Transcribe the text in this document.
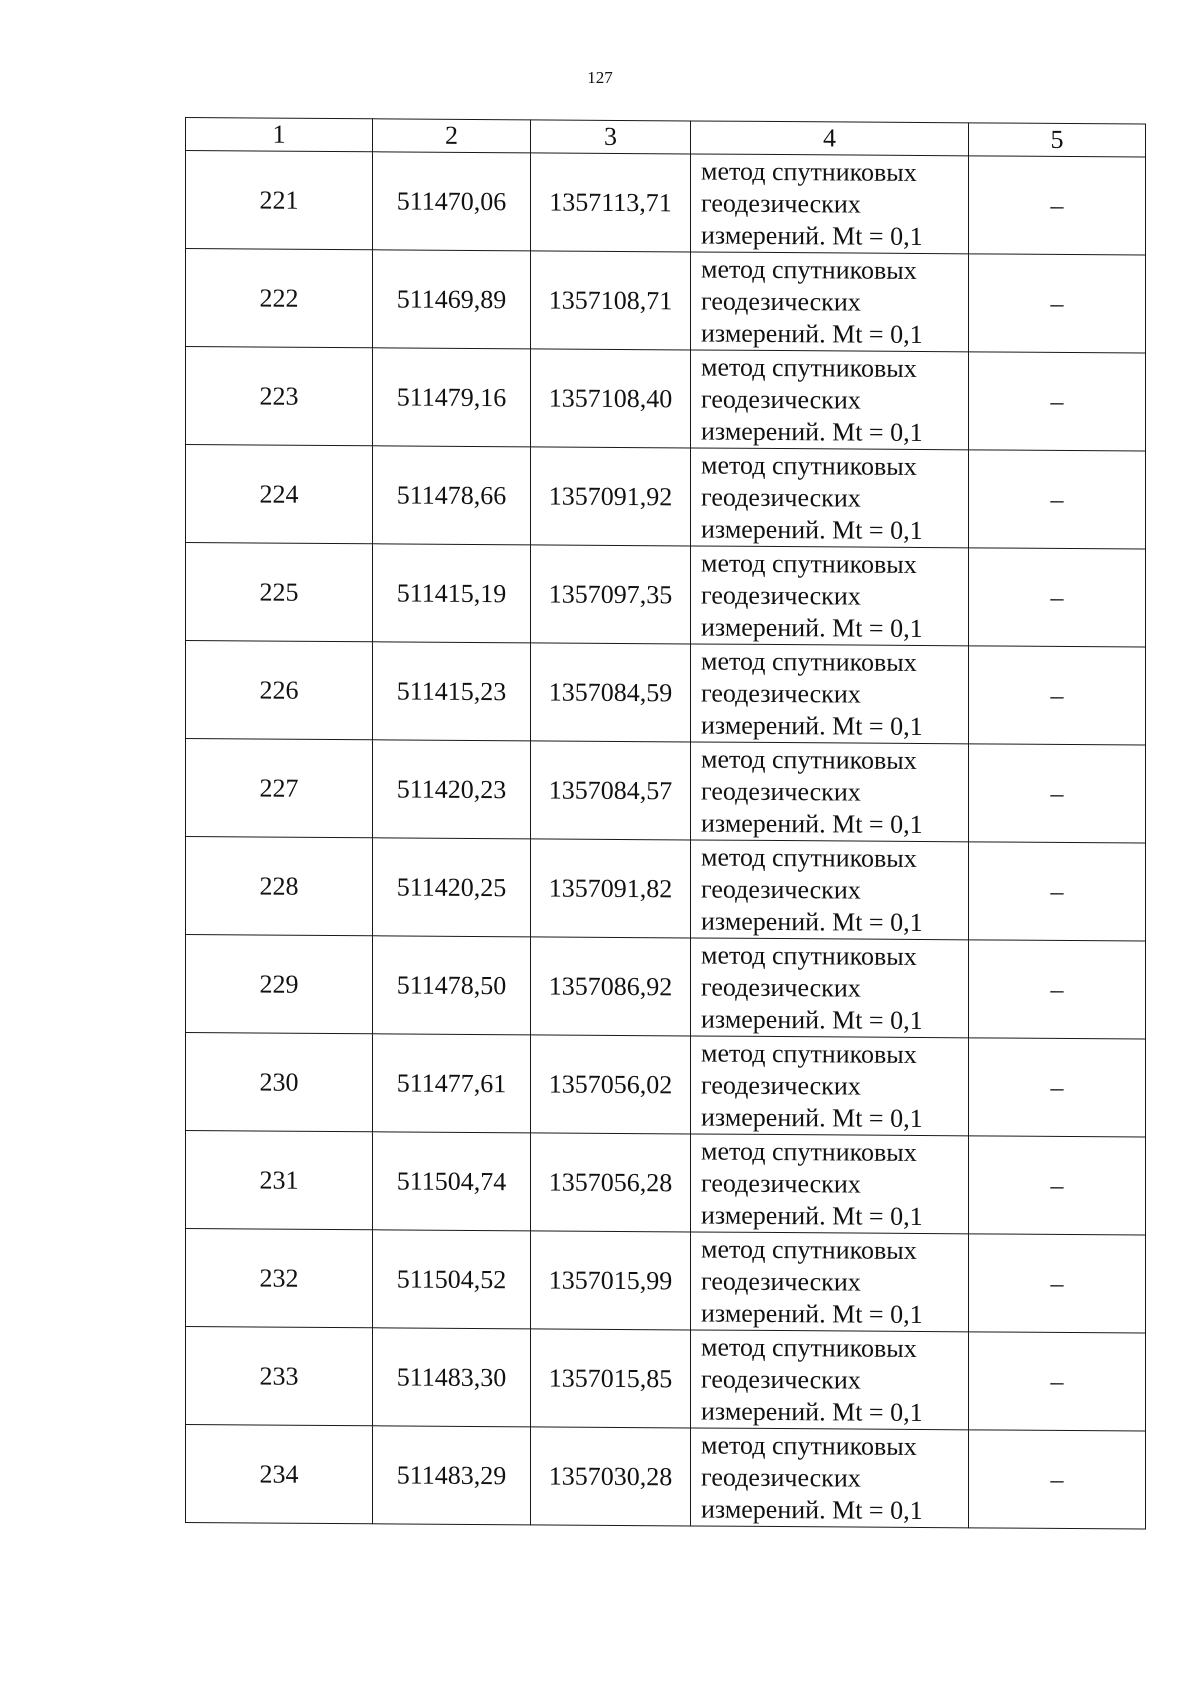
127
1	2	3	4	5
221	511470,06	1357113,71	метод спутниковых
геодезических
измерений. Mt = 0,1	–
222	511469,89	1357108,71	метод спутниковых
геодезических
измерений. Mt = 0,1	–
223	511479,16	1357108,40	метод спутниковых
геодезических
измерений. Mt = 0,1	–
224	511478,66	1357091,92	метод спутниковых
геодезических
измерений. Mt = 0,1	–
225	511415,19	1357097,35	метод спутниковых
геодезических
измерений. Mt = 0,1	–
226	511415,23	1357084,59	метод спутниковых
геодезических
измерений. Mt = 0,1	–
227	511420,23	1357084,57	метод спутниковых
геодезических
измерений. Mt = 0,1	–
228	511420,25	1357091,82	метод спутниковых
геодезических
измерений. Mt = 0,1	–
229	511478,50	1357086,92	метод спутниковых
геодезических
измерений. Mt = 0,1	–
230	511477,61	1357056,02	метод спутниковых
геодезических
измерений. Mt = 0,1	–
231	511504,74	1357056,28	метод спутниковых
геодезических
измерений. Mt = 0,1	–
232	511504,52	1357015,99	метод спутниковых
геодезических
измерений. Mt = 0,1	–
233	511483,30	1357015,85	метод спутниковых
геодезических
измерений. Mt = 0,1	–
234	511483,29	1357030,28	метод спутниковых
геодезических
измерений. Mt = 0,1	–
